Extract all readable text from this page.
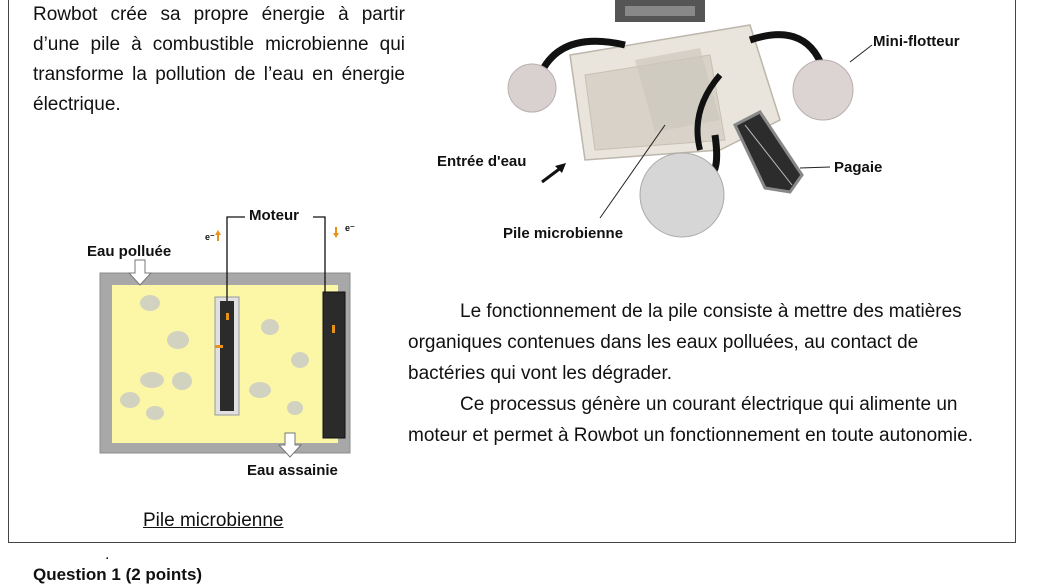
Rowbot crée sa propre énergie à partir d’une pile à combustible microbienne qui transforme la pollution de l’eau en énergie électrique.
Mini-flotteur
Entrée d'eau	Pagaie
Pile microbienne
Moteur
Eau polluée
Eau assainie
e⁻
e⁻
Pile microbienne

Le fonctionnement de la pile consiste à mettre des matières organiques contenues dans les eaux polluées, au contact de bactéries qui vont les dégrader.

Ce processus génère un courant électrique qui alimente un moteur et permet à Rowbot un fonctionnement en toute autonomie.

.
Question 1 (2 points)
